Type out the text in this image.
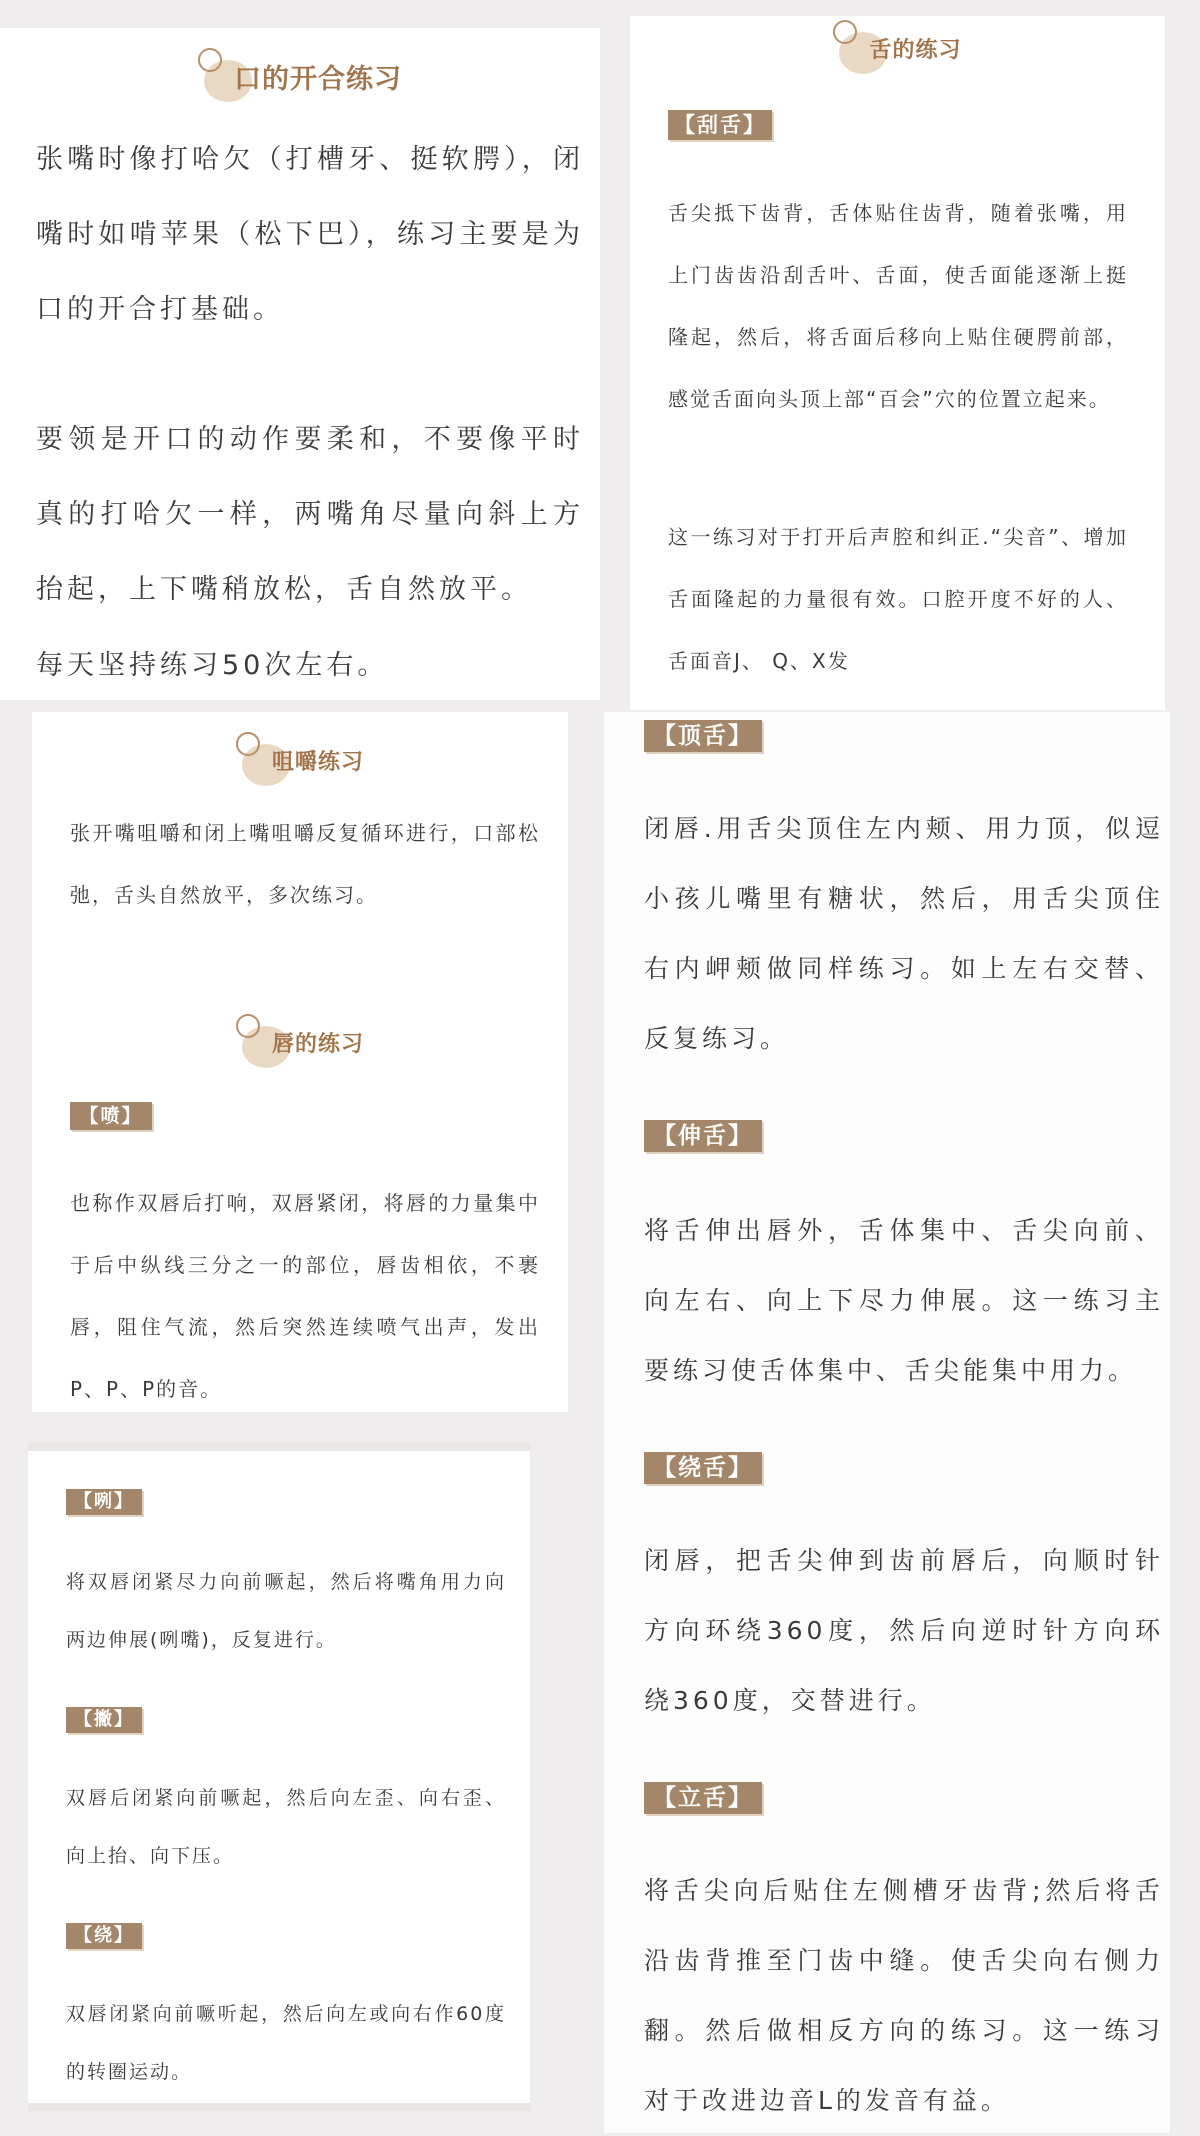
口的开合练习

张嘴时像打哈欠（打槽牙、挺软腭），闭嘴时如啃苹果（松下巴），练习主要是为口的开合打基础。

要领是开口的动作要柔和，不要像平时真的打哈欠一样，两嘴角尽量向斜上方抬起，上下嘴稍放松，舌自然放平。

每天坚持练习50次左右。

舌的练习
【刮舌】

舌尖抵下齿背，舌体贴住齿背，随着张嘴，用上门齿齿沿刮舌叶、舌面，使舌面能逐渐上挺隆起，然后，将舌面后移向上贴住硬腭前部，感觉舌面向头顶上部“百会”穴的位置立起来。

这一练习对于打开后声腔和纠正.“尖音”、增加舌面隆起的力量很有效。口腔开度不好的人、舌面音J、 Q、X发

咀嚼练习

张开嘴咀嚼和闭上嘴咀嚼反复循环进行，口部松弛，舌头自然放平，多次练习。

唇的练习
【喷】

也称作双唇后打响，双唇紧闭，将唇的力量集中于后中纵线三分之一的部位，唇齿相依，不裹唇，阻住气流，然后突然连续喷气出声，发出P、P、P的音。

【咧】

将双唇闭紧尽力向前噘起，然后将嘴角用力向两边伸展(咧嘴)，反复进行。

【撇】

双唇后闭紧向前噘起，然后向左歪、向右歪、向上抬、向下压。

【绕】

双唇闭紧向前噘听起，然后向左或向右作60度的转圈运动。

【顶舌】

闭唇.用舌尖顶住左内颊、用力顶，似逗小孩儿嘴里有糖状，然后，用舌尖顶住右内岬颊做同样练习。如上左右交替、反复练习。

【伸舌】

将舌伸出唇外，舌体集中、舌尖向前、向左右、向上下尽力伸展。这一练习主要练习使舌体集中、舌尖能集中用力。

【绕舌】

闭唇，把舌尖伸到齿前唇后，向顺时针方向环绕360度，然后向逆时针方向环绕360度，交替进行。

【立舌】

将舌尖向后贴住左侧槽牙齿背;然后将舌沿齿背推至门齿中缝。使舌尖向右侧力翻。然后做相反方向的练习。这一练习对于改进边音L的发音有益。
